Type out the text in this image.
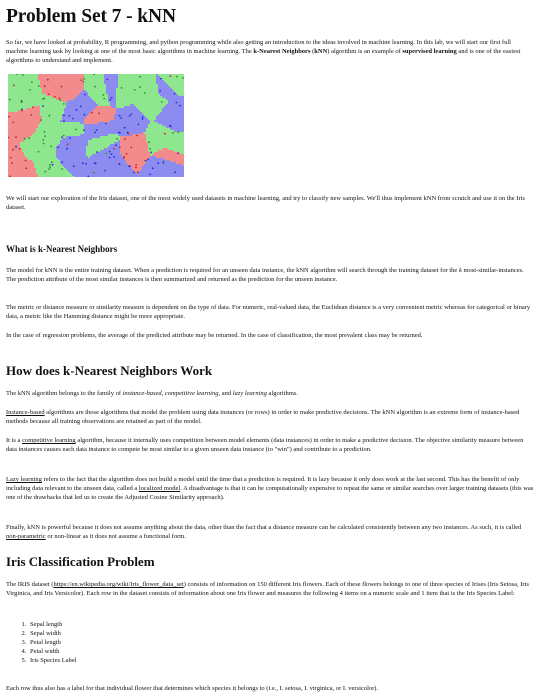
Problem Set 7 - kNN

So far, we have looked at probability, R programming, and python programming while also getting an introduction to the ideas involved in machine learning. In this lab, we will start our first full machine learning task by looking at one of the most basic algorithms in machine learning. The k-Nearest Neighbors (kNN) algorithm is an example of supervised learning and is one of the easiest algorithms to understand and implement.

We will start our exploration of the Iris dataset, one of the most widely used datasets in machine learning, and try to classify new samples. We'll thus implement kNN from scratch and use it on the Iris dataset.

What is k-Nearest Neighbors

The model for kNN is the entire training dataset. When a prediction is required for an unseen data instance, the kNN algorithm will search through the training dataset for the k most-similar-instances. The prediction attribute of the most similar instances is then summarized and returned as the prediction for the unseen instance.

The metric or distance measure or similarity measure is dependent on the type of data. For numeric, real-valued data, the Euclidean distance is a very convenient metric whereas for categorical or binary data, a metric like the Hamming distance might be more appropriate.

In the case of regression problems, the average of the predicted attribute may be returned. In the case of classification, the most prevalent class may be returned.

How does k-Nearest Neighbors Work

The kNN algorithm belongs to the family of instance-based, competitive learning, and lazy learning algorithms.

Instance-based algorithms are those algorithms that model the problem using data instances (or rows) in order to make predictive decisions. The kNN algorithm is an extreme form of instance-based methods because all training observations are retained as part of the model.

It is a competitive learning algorithm, because it internally uses competition between model elements (data instances) in order to make a predictive decision. The objective similarity measure between data instances causes each data instance to compete be most similar to a given unseen data instance (to "win") and contribute to a prediction.

Lazy learning refers to the fact that the algorithm does not build a model until the time that a prediction is required. It is lazy because it only does work at the last second. This has the benefit of only including data relevant to the unseen data, called a localized model. A disadvantage is that it can be computationally expensive to repeat the same or similar searches over larger training datasets (this was one of the drawbacks that led us to create the Adjusted Cosine Similarity approach).

Finally, kNN is powerful because it does not assume anything about the data, other than the fact that a distance measure can be calculated consistently between any two instances. As such, it is called non-parametric or non-linear as it does not assume a functional form.

Iris Classification Problem

The IRIS dataset (https://en.wikipedia.org/wiki/Iris_flower_data_set) consists of information on 150 different Iris flowers. Each of these flowers belongs to one of three species of Irises (Iris Setosa, Iris Virginica, and Iris Versicolor). Each row in the dataset consists of information about one Iris flower and measures the following 4 items on a numeric scale and 1 item that is the Iris Species Label:

1. Sepal length
2. Sepal width
3. Petal length
4. Petal width
5. Iris Species Label

Each row thus also has a label for that individual flower that determines which species it belongs to (i.e., I. setosa, I. virginica, or I. versicolor).
